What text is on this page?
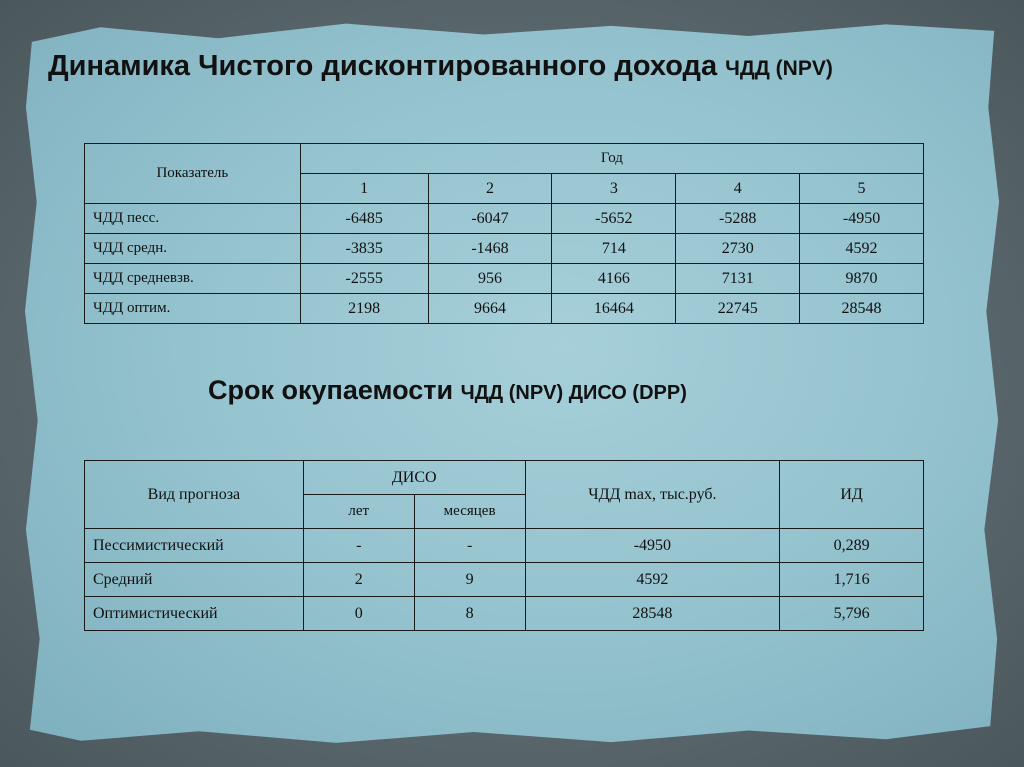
Динамика Чистого дисконтированного дохода ЧДД (NPV)
Показатель	Год				
	1	2	3	4	5
ЧДД песс.	-6485	-6047	-5652	-5288	-4950
ЧДД средн.	-3835	-1468	714	2730	4592
ЧДД средневзв.	-2555	956	4166	7131	9870
ЧДД оптим.	2198	9664	16464	22745	28548
Срок окупаемости ЧДД (NPV) ДИСО (DPP)
Вид прогноза	ДИСО		ЧДД max, тыс.руб.	ИД
	лет	месяцев		
Пессимистический	-	-	-4950	0,289
Средний	2	9	4592	1,716
Оптимистический	0	8	28548	5,796
